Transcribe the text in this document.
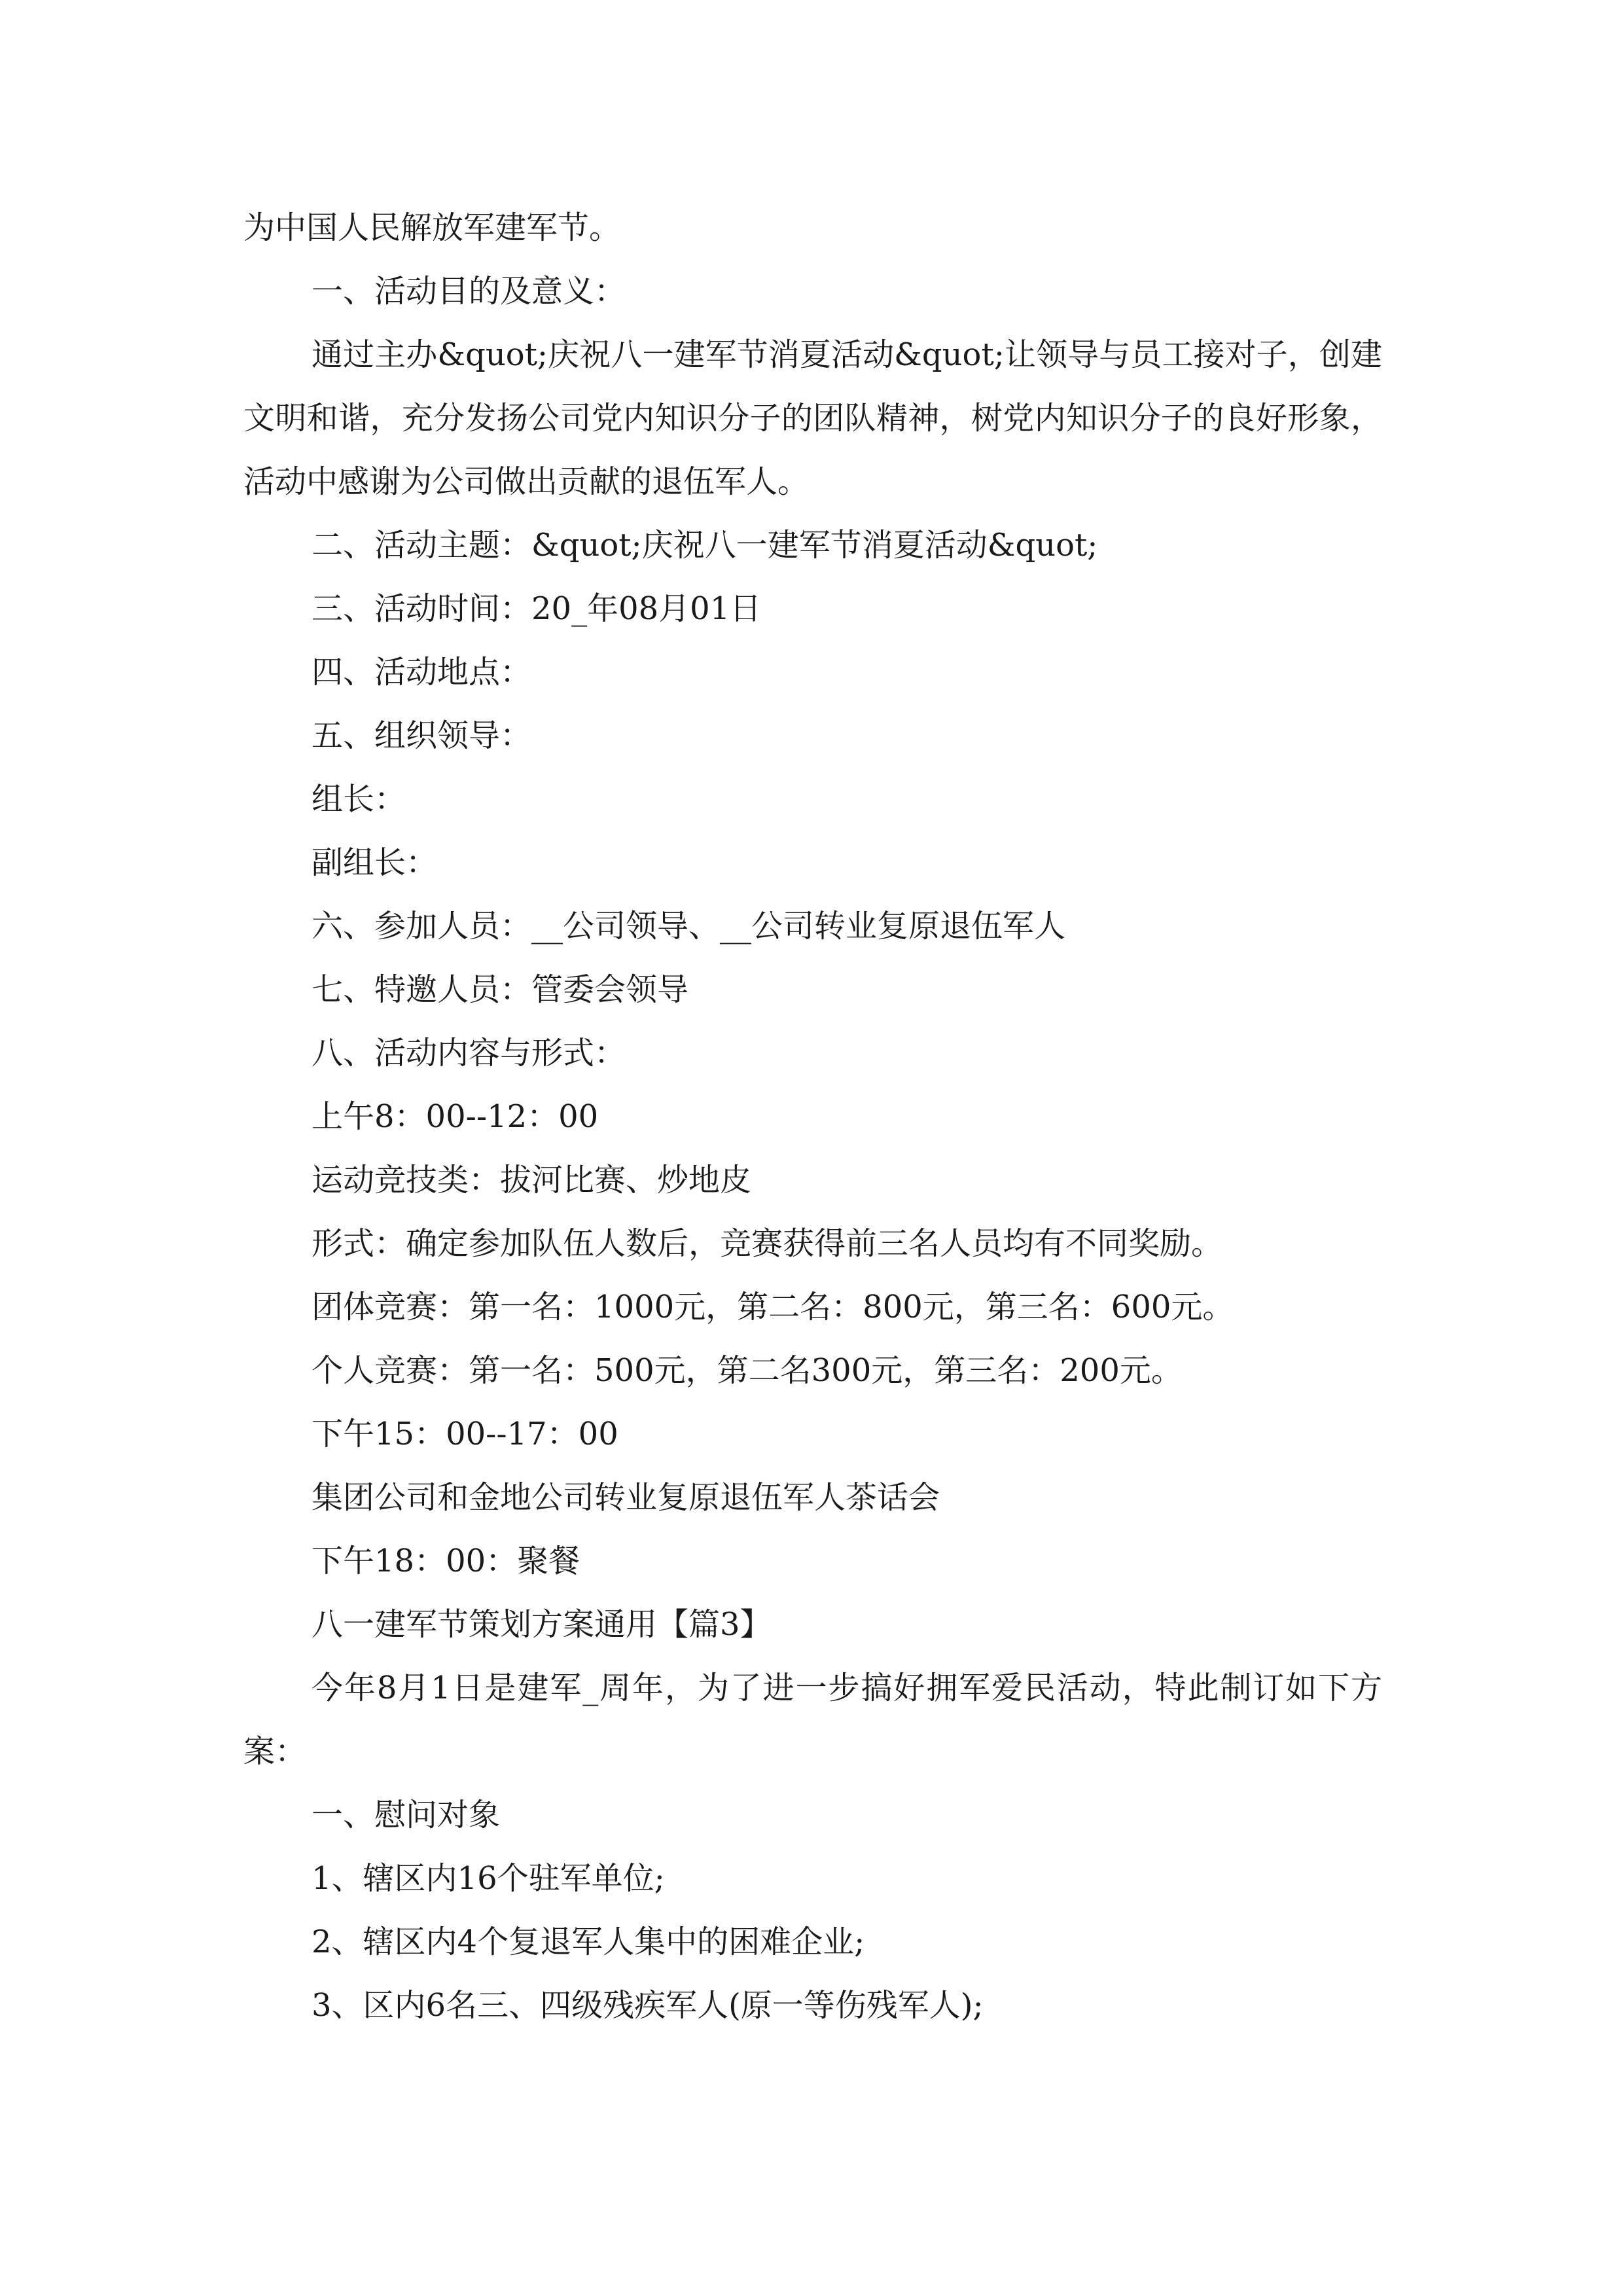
为中国人民解放军建军节。

一、活动目的及意义：

通过主办&quot;庆祝八一建军节消夏活动&quot;让领导与员工接对子，创建文明和谐，充分发扬公司党内知识分子的团队精神，树党内知识分子的良好形象，活动中感谢为公司做出贡献的退伍军人。

二、活动主题：&quot;庆祝八一建军节消夏活动&quot;

三、活动时间：20_年08月01日

四、活动地点：

五、组织领导：

组长：

副组长：

六、参加人员：__公司领导、__公司转业复原退伍军人

七、特邀人员：管委会领导

八、活动内容与形式：

上午8：00--12：00

运动竞技类：拔河比赛、炒地皮

形式：确定参加队伍人数后，竞赛获得前三名人员均有不同奖励。

团体竞赛：第一名：1000元，第二名：800元，第三名：600元。

个人竞赛：第一名：500元，第二名300元，第三名：200元。

下午15：00--17：00

集团公司和金地公司转业复原退伍军人茶话会

下午18：00：聚餐

八一建军节策划方案通用【篇3】

今年8月1日是建军_周年，为了进一步搞好拥军爱民活动，特此制订如下方案：

一、慰问对象

1、辖区内16个驻军单位;

2、辖区内4个复退军人集中的困难企业;

3、区内6名三、四级残疾军人(原一等伤残军人);
